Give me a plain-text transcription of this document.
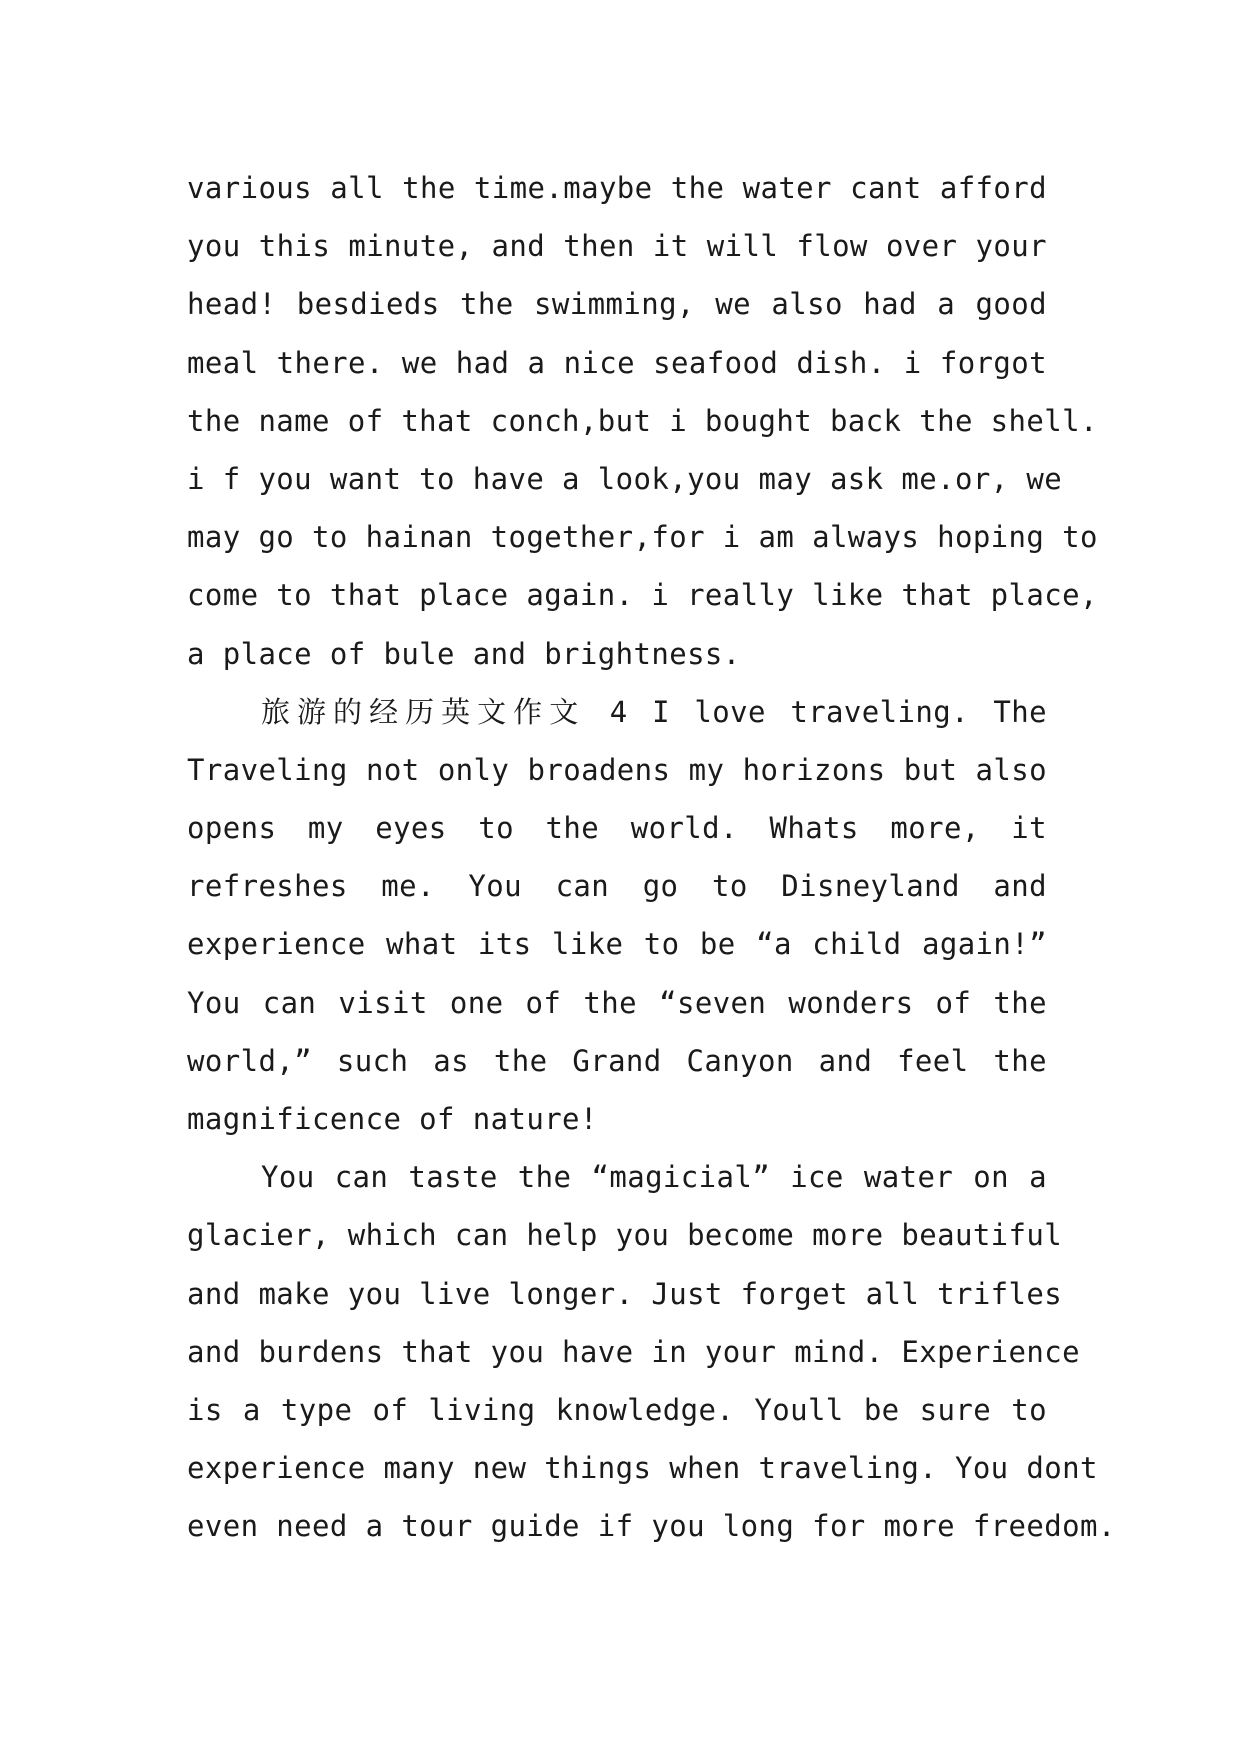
various all the time.maybe the water cant afford
you this minute, and then it will flow over your
head! besdieds the swimming, we also had a good
meal there. we had a nice seafood dish. i forgot
the name of that conch,but i bought back the shell.
i f you want to have a look,you may ask me.or, we
may go to hainan together,for i am always hoping to
come to that place again. i really like that place,
a place of bule and brightness.
旅游的经历英文作文 4 I love traveling. The
Traveling not only broadens my horizons but also
opens my eyes to the world. Whats more, it
refreshes me. You can go to Disneyland and
experience what its like to be “a child again!”
You can visit one of the “seven wonders of the
world,” such as the Grand Canyon and feel the
magnificence of nature!
You can taste the “magicial” ice water on a
glacier, which can help you become more beautiful
and make you live longer. Just forget all trifles
and burdens that you have in your mind. Experience
is a type of living knowledge. Youll be sure to
experience many new things when traveling. You dont
even need a tour guide if you long for more freedom.
